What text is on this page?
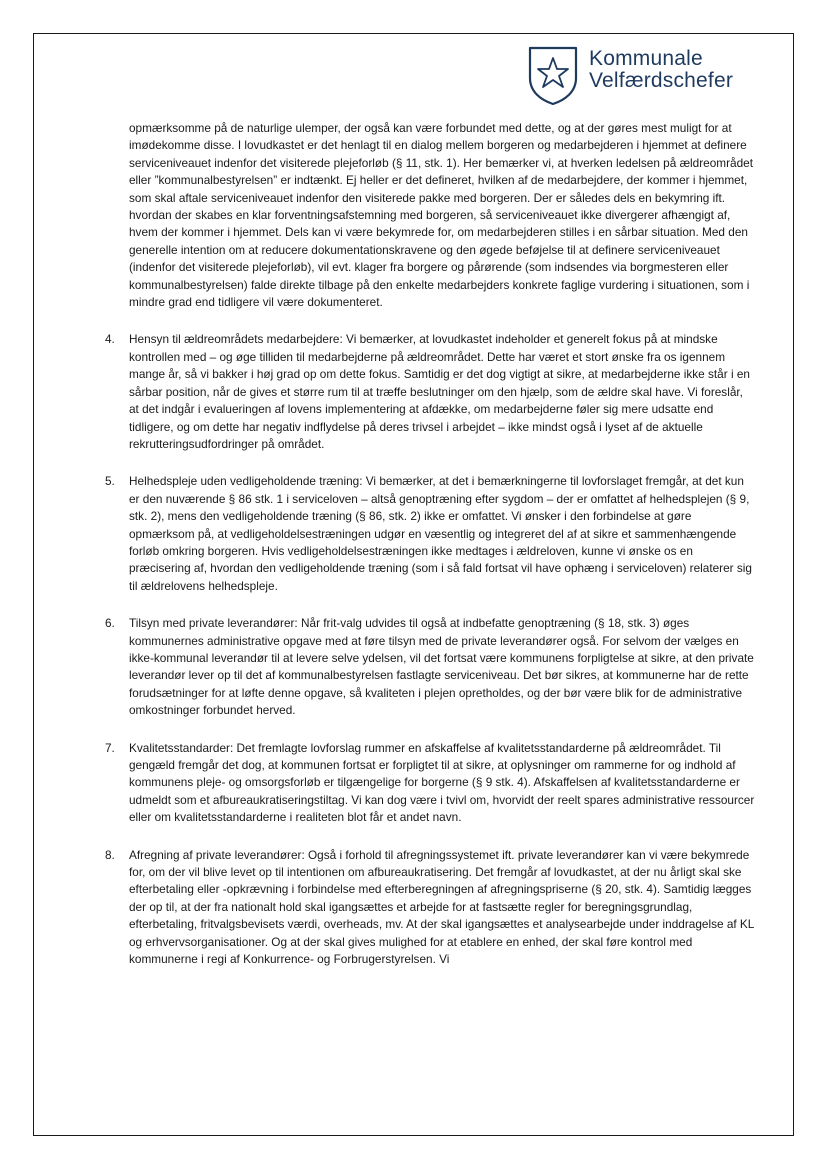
Kommunale
Velfærdschefer

opmærksomme på de naturlige ulemper, der også kan være forbundet med dette, og at der gøres mest muligt for at imødekomme disse. I lovudkastet er det henlagt til en dialog mellem borgeren og medarbejderen i hjemmet at definere serviceniveauet indenfor det visiterede plejeforløb (§ 11, stk. 1). Her bemærker vi, at hverken ledelsen på ældreområdet eller ”kommunalbestyrelsen” er indtænkt. Ej heller er det defineret, hvilken af de medarbejdere, der kommer i hjemmet, som skal aftale serviceniveauet indenfor den visiterede pakke med borgeren. Der er således dels en bekymring ift. hvordan der skabes en klar forventningsafstemning med borgeren, så serviceniveauet ikke divergerer afhængigt af, hvem der kommer i hjemmet. Dels kan vi være bekymrede for, om medarbejderen stilles i en sårbar situation. Med den generelle intention om at reducere dokumentationskravene og den øgede beføjelse til at definere serviceniveauet (indenfor det visiterede plejeforløb), vil evt. klager fra borgere og pårørende (som indsendes via borgmesteren eller kommunalbestyrelsen) falde direkte tilbage på den enkelte medarbejders konkrete faglige vurdering i situationen, som i mindre grad end tidligere vil være dokumenteret.

4. Hensyn til ældreområdets medarbejdere: Vi bemærker, at lovudkastet indeholder et generelt fokus på at mindske kontrollen med – og øge tilliden til medarbejderne på ældreområdet. Dette har været et stort ønske fra os igennem mange år, så vi bakker i høj grad op om dette fokus. Samtidig er det dog vigtigt at sikre, at medarbejderne ikke står i en sårbar position, når de gives et større rum til at træffe beslutninger om den hjælp, som de ældre skal have. Vi foreslår, at det indgår i evalueringen af lovens implementering at afdække, om medarbejderne føler sig mere udsatte end tidligere, og om dette har negativ indflydelse på deres trivsel i arbejdet – ikke mindst også i lyset af de aktuelle rekrutteringsudfordringer på området.
5. Helhedspleje uden vedligeholdende træning: Vi bemærker, at det i bemærkningerne til lovforslaget fremgår, at det kun er den nuværende § 86 stk. 1 i serviceloven – altså genoptræning efter sygdom – der er omfattet af helhedsplejen (§ 9, stk. 2), mens den vedligeholdende træning (§ 86, stk. 2) ikke er omfattet. Vi ønsker i den forbindelse at gøre opmærksom på, at vedligeholdelsestræningen udgør en væsentlig og integreret del af at sikre et sammenhængende forløb omkring borgeren. Hvis vedligeholdelsestræningen ikke medtages i ældreloven, kunne vi ønske os en præcisering af, hvordan den vedligeholdende træning (som i så fald fortsat vil have ophæng i serviceloven) relaterer sig til ældrelovens helhedspleje.
6. Tilsyn med private leverandører: Når frit-valg udvides til også at indbefatte genoptræning (§ 18, stk. 3) øges kommunernes administrative opgave med at føre tilsyn med de private leverandører også. For selvom der vælges en ikke-kommunal leverandør til at levere selve ydelsen, vil det fortsat være kommunens forpligtelse at sikre, at den private leverandør lever op til det af kommunalbestyrelsen fastlagte serviceniveau. Det bør sikres, at kommunerne har de rette forudsætninger for at løfte denne opgave, så kvaliteten i plejen opretholdes, og der bør være blik for de administrative omkostninger forbundet herved.
7. Kvalitetsstandarder: Det fremlagte lovforslag rummer en afskaffelse af kvalitetsstandarderne på ældreområdet. Til gengæld fremgår det dog, at kommunen fortsat er forpligtet til at sikre, at oplysninger om rammerne for og indhold af kommunens pleje- og omsorgsforløb er tilgængelige for borgerne (§ 9 stk. 4). Afskaffelsen af kvalitetsstandarderne er udmeldt som et afbureaukratiseringstiltag. Vi kan dog være i tvivl om, hvorvidt der reelt spares administrative ressourcer eller om kvalitetsstandarderne i realiteten blot får et andet navn.
8. Afregning af private leverandører: Også i forhold til afregningssystemet ift. private leverandører kan vi være bekymrede for, om der vil blive levet op til intentionen om afbureaukratisering. Det fremgår af lovudkastet, at der nu årligt skal ske efterbetaling eller -opkrævning i forbindelse med efterberegningen af afregningspriserne (§ 20, stk. 4). Samtidig lægges der op til, at der fra nationalt hold skal igangsættes et arbejde for at fastsætte regler for beregningsgrundlag, efterbetaling, fritvalgsbevisets værdi, overheads, mv. At der skal igangsættes et analysearbejde under inddragelse af KL og erhvervsorganisationer. Og at der skal gives mulighed for at etablere en enhed, der skal føre kontrol med kommunerne i regi af Konkurrence- og Forbrugerstyrelsen. Vi
